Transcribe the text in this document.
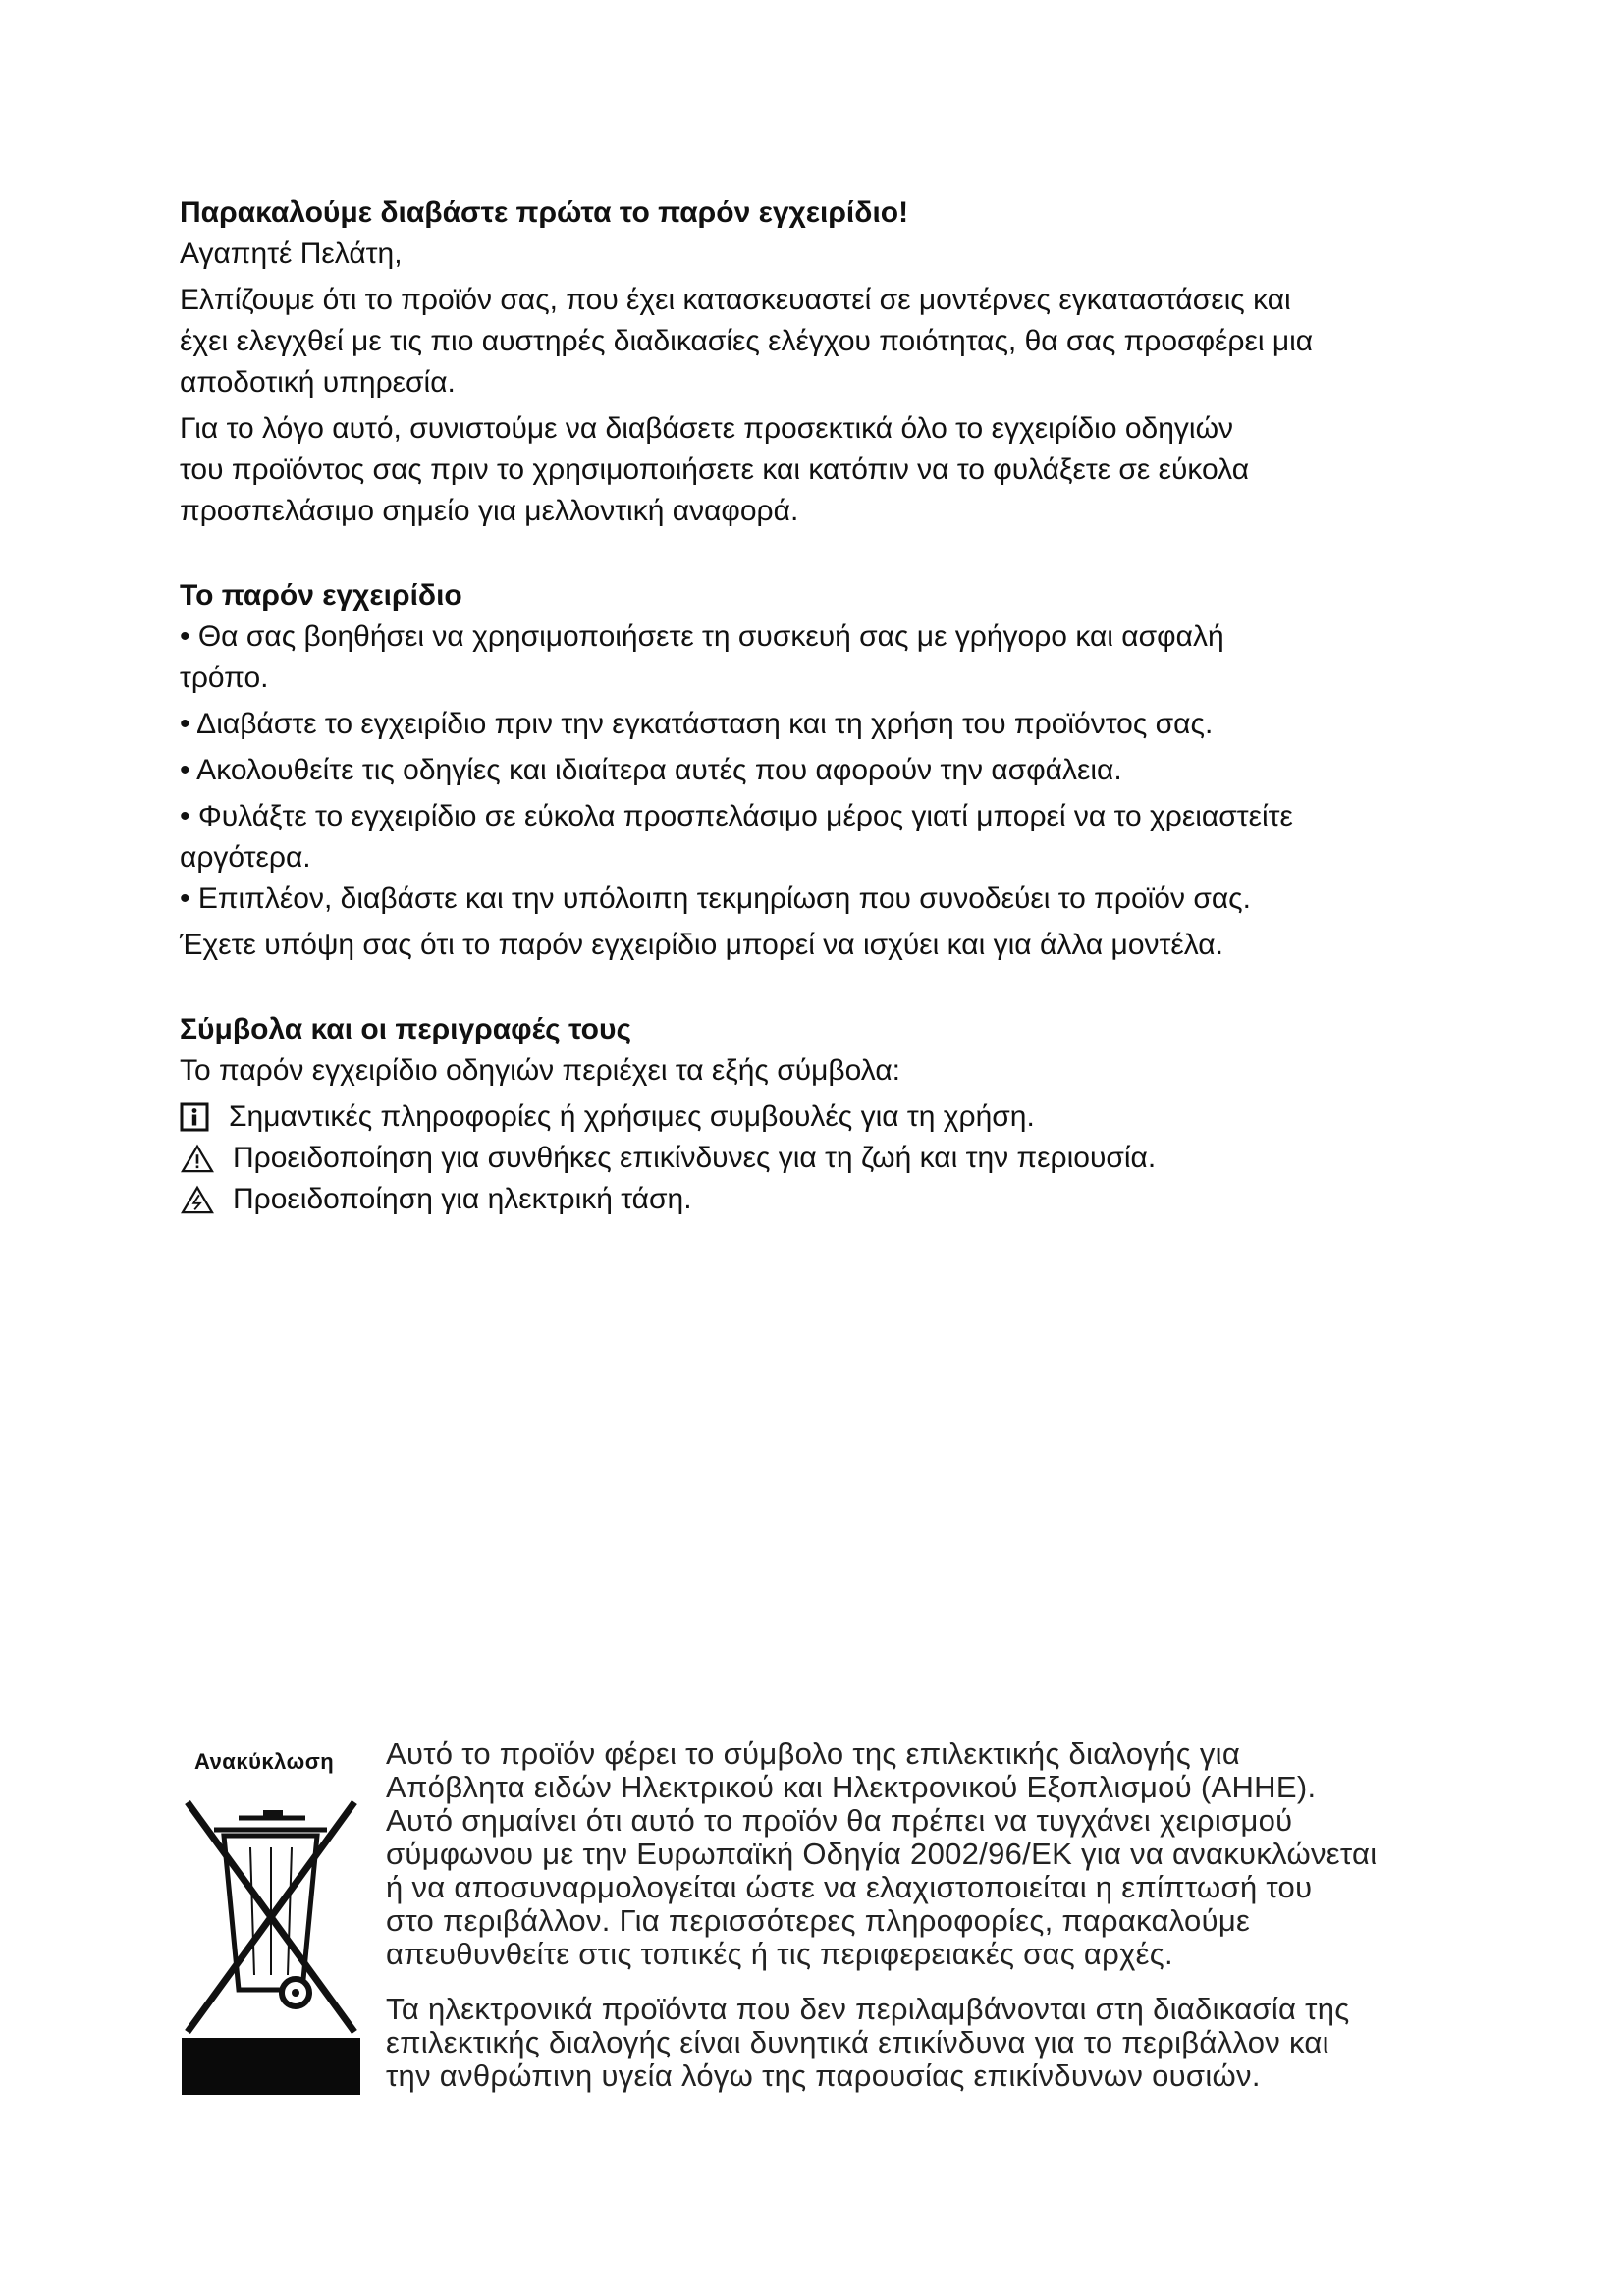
Παρακαλούμε διαβάστε πρώτα το παρόν εγχειρίδιο!

Αγαπητέ Πελάτη,

Ελπίζουμε ότι το προϊόν σας, που έχει κατασκευαστεί σε μοντέρνες εγκαταστάσεις και

έχει ελεγχθεί με τις πιο αυστηρές διαδικασίες ελέγχου ποιότητας, θα σας προσφέρει μια

αποδοτική υπηρεσία.

Για το λόγο αυτό, συνιστούμε να διαβάσετε προσεκτικά όλο το εγχειρίδιο οδηγιών

του προϊόντος σας πριν το χρησιμοποιήσετε και κατόπιν να το φυλάξετε σε εύκολα

προσπελάσιμο σημείο για μελλοντική αναφορά.

Το παρόν εγχειρίδιο

• Θα σας βοηθήσει να χρησιμοποιήσετε τη συσκευή σας με γρήγορο και ασφαλή

τρόπο.

• Διαβάστε το εγχειρίδιο πριν την εγκατάσταση και τη χρήση του προϊόντος σας.

• Ακολουθείτε τις οδηγίες και ιδιαίτερα αυτές που αφορούν την ασφάλεια.

• Φυλάξτε το εγχειρίδιο σε εύκολα προσπελάσιμο μέρος γιατί μπορεί να το χρειαστείτε

αργότερα.

• Επιπλέον, διαβάστε και την υπόλοιπη τεκμηρίωση που συνοδεύει το προϊόν σας.

Έχετε υπόψη σας ότι το παρόν εγχειρίδιο μπορεί να ισχύει και για άλλα μοντέλα.

Σύμβολα και οι περιγραφές τους

Το παρόν εγχειρίδιο οδηγιών περιέχει τα εξής σύμβολα:

Σημαντικές πληροφορίες ή χρήσιμες συμβουλές για τη χρήση.
Προειδοποίηση για συνθήκες επικίνδυνες για τη ζωή και την περιουσία.
Προειδοποίηση για ηλεκτρική τάση.
Ανακύκλωση Αυτό το προϊόν φέρει το σύμβολο της επιλεκτικής διαλογής για

Απόβλητα ειδών Ηλεκτρικού και Ηλεκτρονικού Εξοπλισμού (ΑΗΗΕ).

Αυτό σημαίνει ότι αυτό το προϊόν θα πρέπει να τυγχάνει χειρισμού

σύμφωνου με την Ευρωπαϊκή Οδηγία 2002/96/ΕΚ για να ανακυκλώνεται

ή να αποσυναρμολογείται ώστε να ελαχιστοποιείται η επίπτωσή του

στο περιβάλλον. Για περισσότερες πληροφορίες, παρακαλούμε

απευθυνθείτε στις τοπικές ή τις περιφερειακές σας αρχές.

Τα ηλεκτρονικά προϊόντα που δεν περιλαμβάνονται στη διαδικασία της

επιλεκτικής διαλογής είναι δυνητικά επικίνδυνα για το περιβάλλον και

την ανθρώπινη υγεία λόγω της παρουσίας επικίνδυνων ουσιών.
